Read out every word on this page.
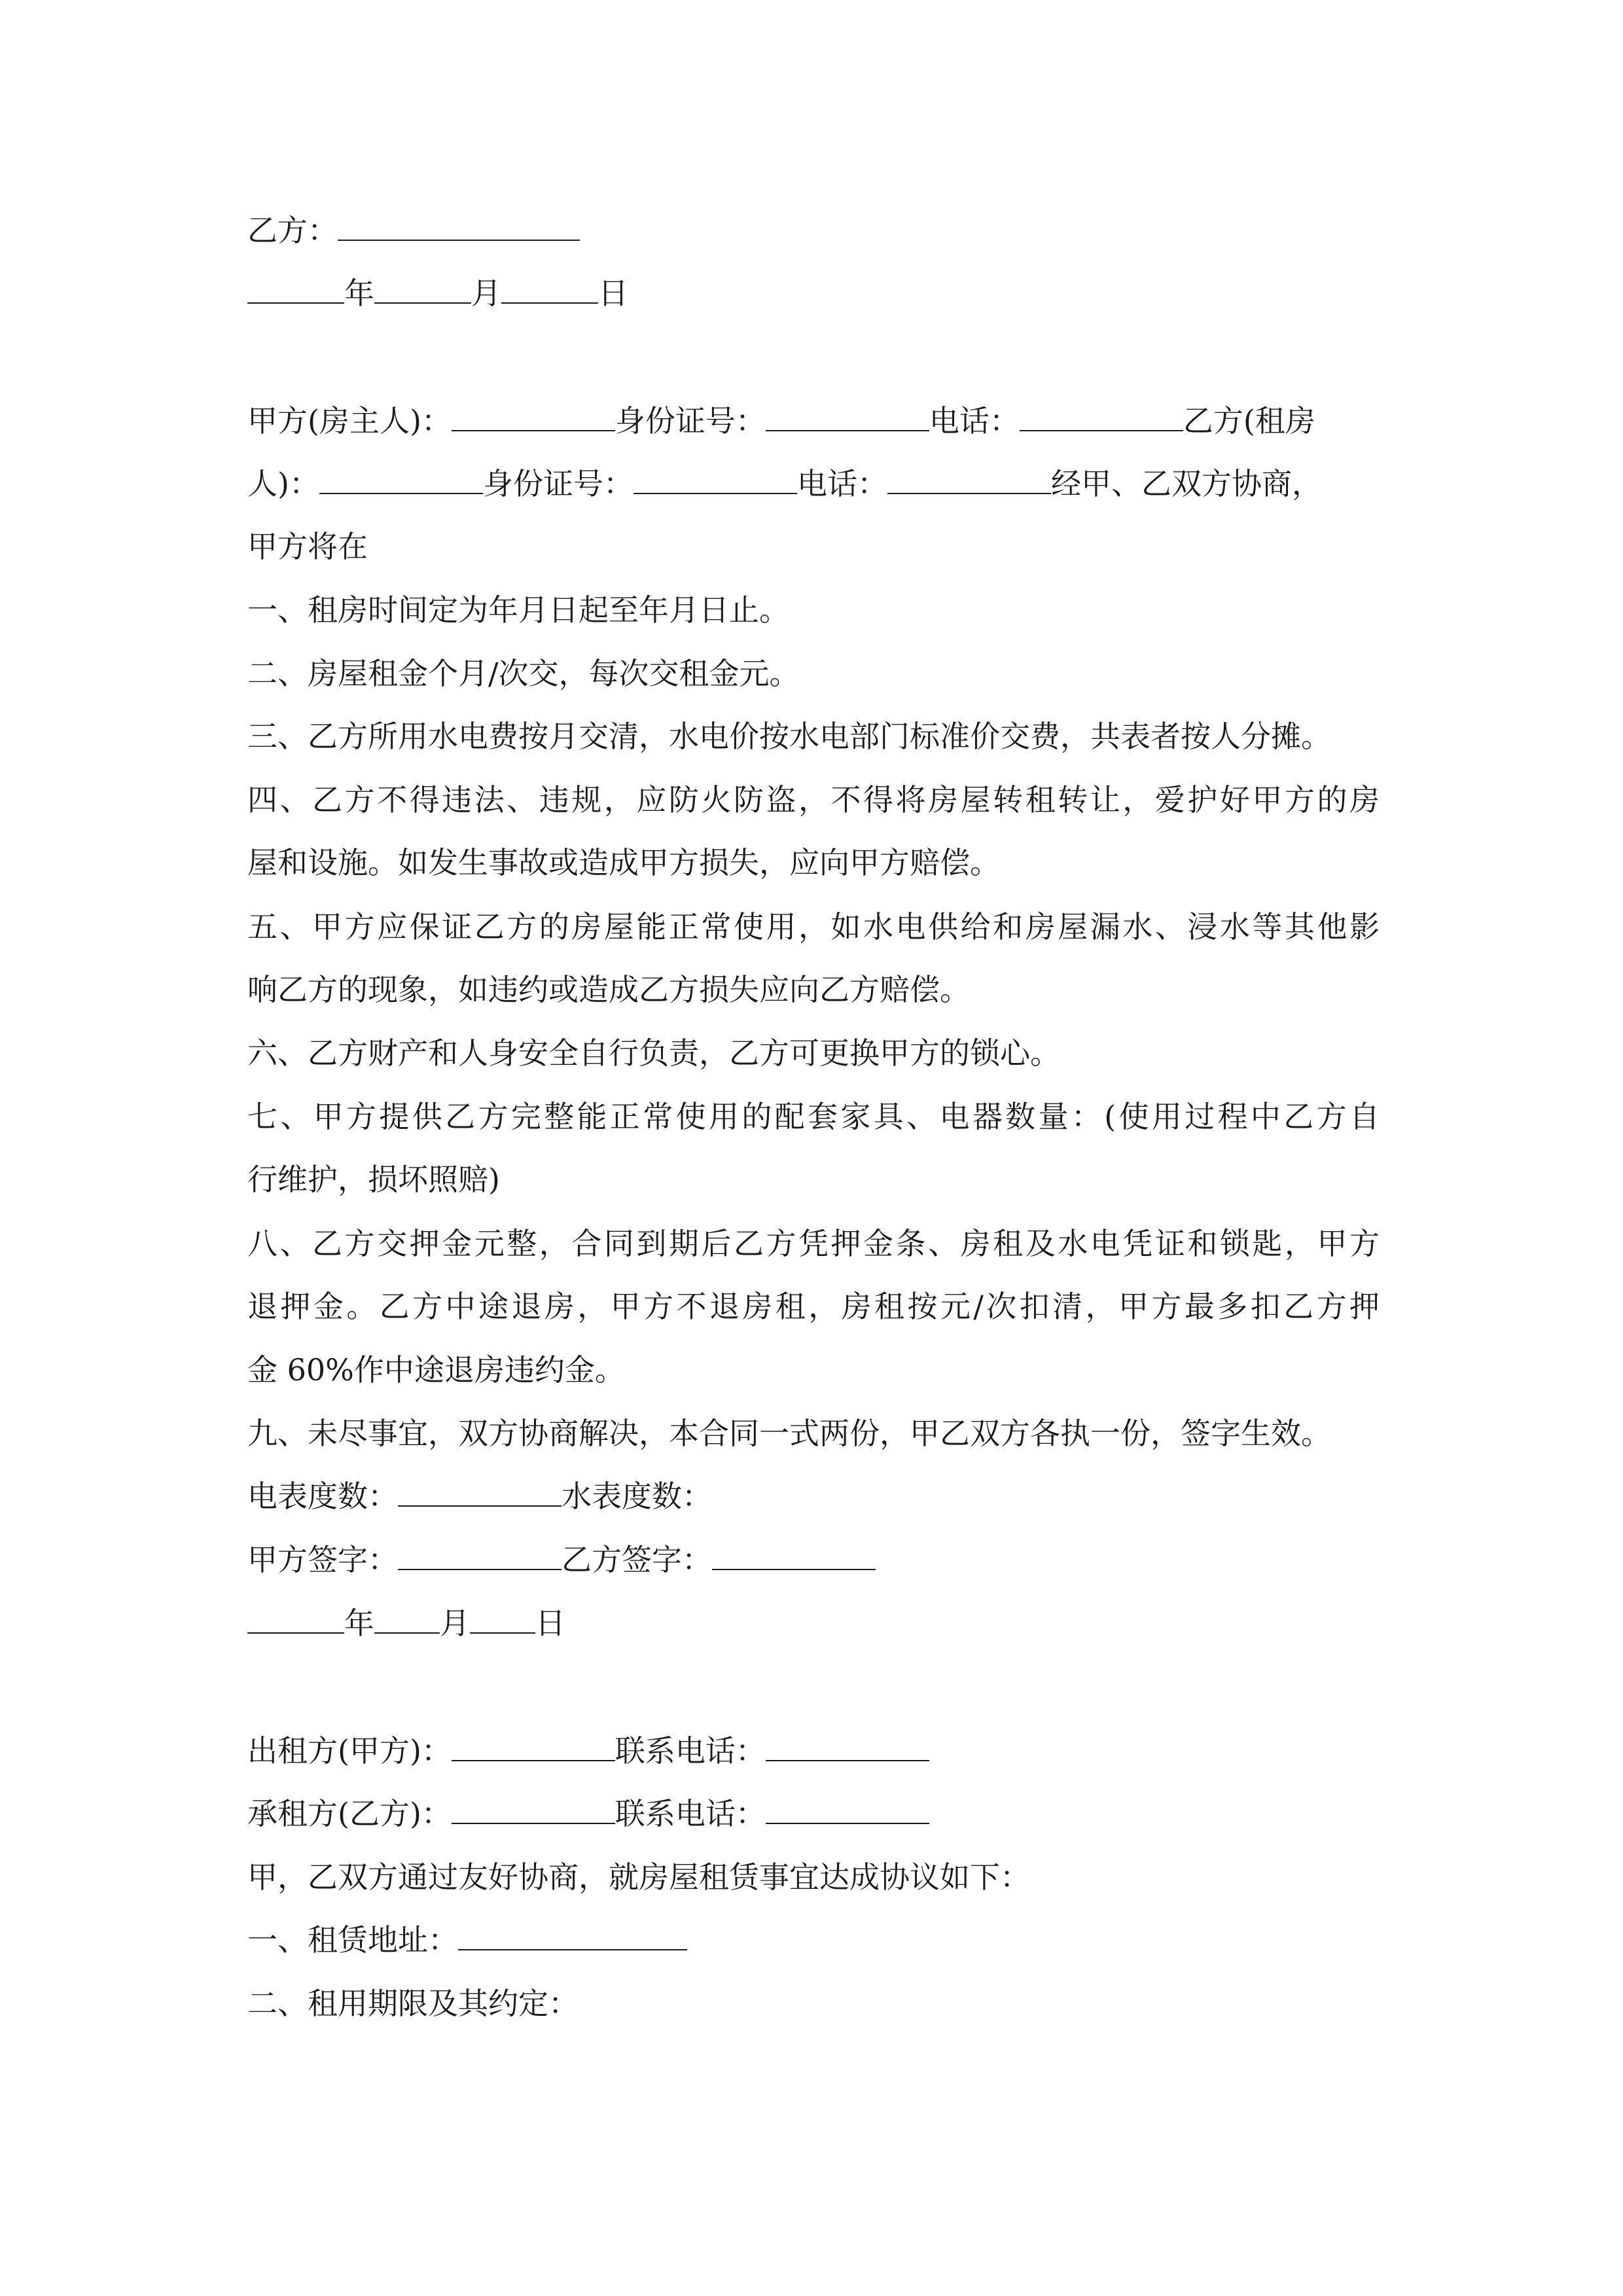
乙方：
年	月	日
甲方(房主人)：	身份证号：	电话：	乙方(租房
人)：	身份证号：	电话：	经甲、乙双方协商，
甲方将在
一、租房时间定为年月日起至年月日止。
二、房屋租金个月/次交，每次交租金元。
三、乙方所用水电费按月交清，水电价按水电部门标准价交费，共表者按人分摊。
四、乙方不得违法、违规，应防火防盗，不得将房屋转租转让，爱护好甲方的房
屋和设施。如发生事故或造成甲方损失，应向甲方赔偿。
五、甲方应保证乙方的房屋能正常使用，如水电供给和房屋漏水、浸水等其他影
响乙方的现象，如违约或造成乙方损失应向乙方赔偿。
六、乙方财产和人身安全自行负责，乙方可更换甲方的锁心。
七、甲方提供乙方完整能正常使用的配套家具、电器数量：(使用过程中乙方自
行维护，损坏照赔)
八、乙方交押金元整，合同到期后乙方凭押金条、房租及水电凭证和锁匙，甲方
退押金。乙方中途退房，甲方不退房租，房租按元/次扣清，甲方最多扣乙方押
金 60%作中途退房违约金。
九、未尽事宜，双方协商解决，本合同一式两份，甲乙双方各执一份，签字生效。
电表度数：	水表度数：
甲方签字：	乙方签字：
年 月 日
出租方(甲方)：	联系电话：
承租方(乙方)：	联系电话：
甲，乙双方通过友好协商，就房屋租赁事宜达成协议如下：
一、租赁地址：
二、租用期限及其约定：
